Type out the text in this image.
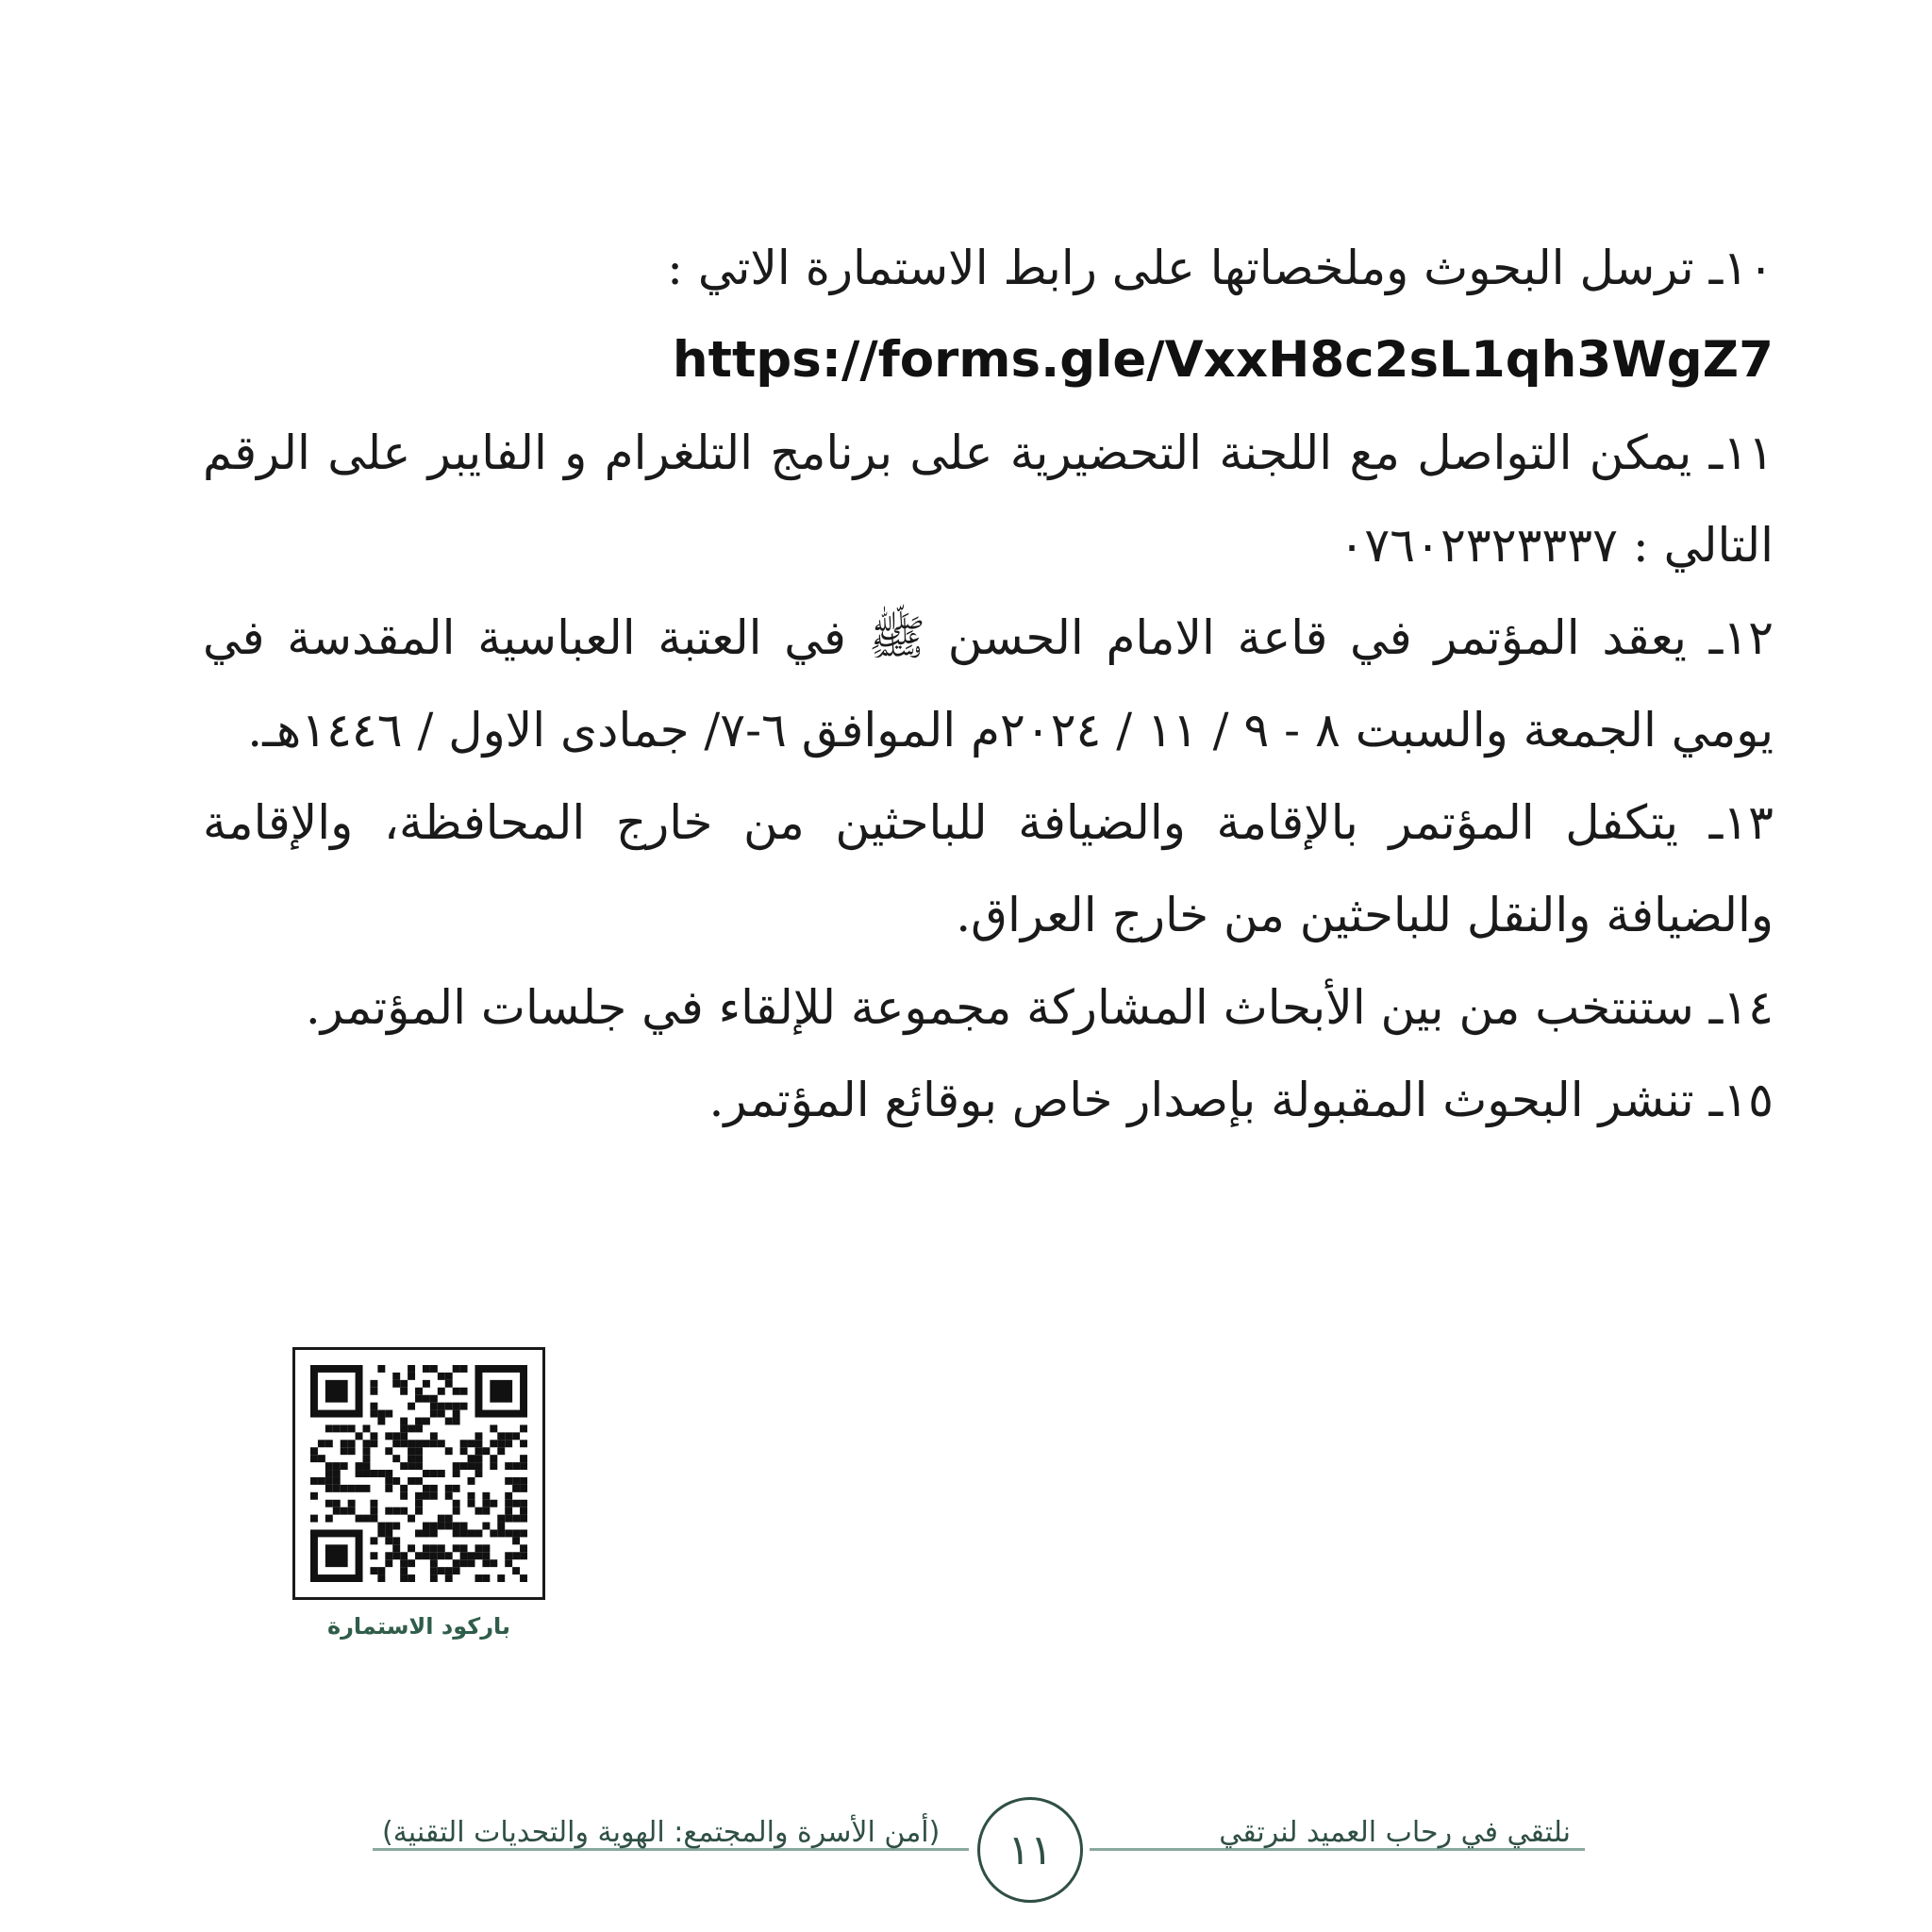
١٠ـ ترسل البحوث وملخصاتها على رابط الاستمارة الاتي :

https://forms.gle/VxxH8c2sL1qh3WgZ7

١١ـ يمكن التواصل مع اللجنة التحضيرية على برنامج التلغرام و الفايبر على الرقم التالي : ٠٧٦٠٢٣٢٣٣٣٧

١٢ـ يعقد المؤتمر في قاعة الامام الحسن ﷺ في العتبة العباسية المقدسة في يومي الجمعة والسبت ٨ - ٩ / ١١ / ٢٠٢٤م الموافق ٦-٧/ جمادى الاول / ١٤٤٦هـ.

١٣ـ يتكفل المؤتمر بالإقامة والضيافة للباحثين من خارج المحافظة، والإقامة والضيافة والنقل للباحثين من خارج العراق.

١٤ـ ستنتخب من بين الأبحاث المشاركة مجموعة للإلقاء في جلسات المؤتمر.

١٥ـ تنشر البحوث المقبولة بإصدار خاص بوقائع المؤتمر.

باركود الاستمارة
نلتقي في رحاب العميد لنرتقي
١١
(أمن الأسرة والمجتمع: الهوية والتحديات التقنية)
